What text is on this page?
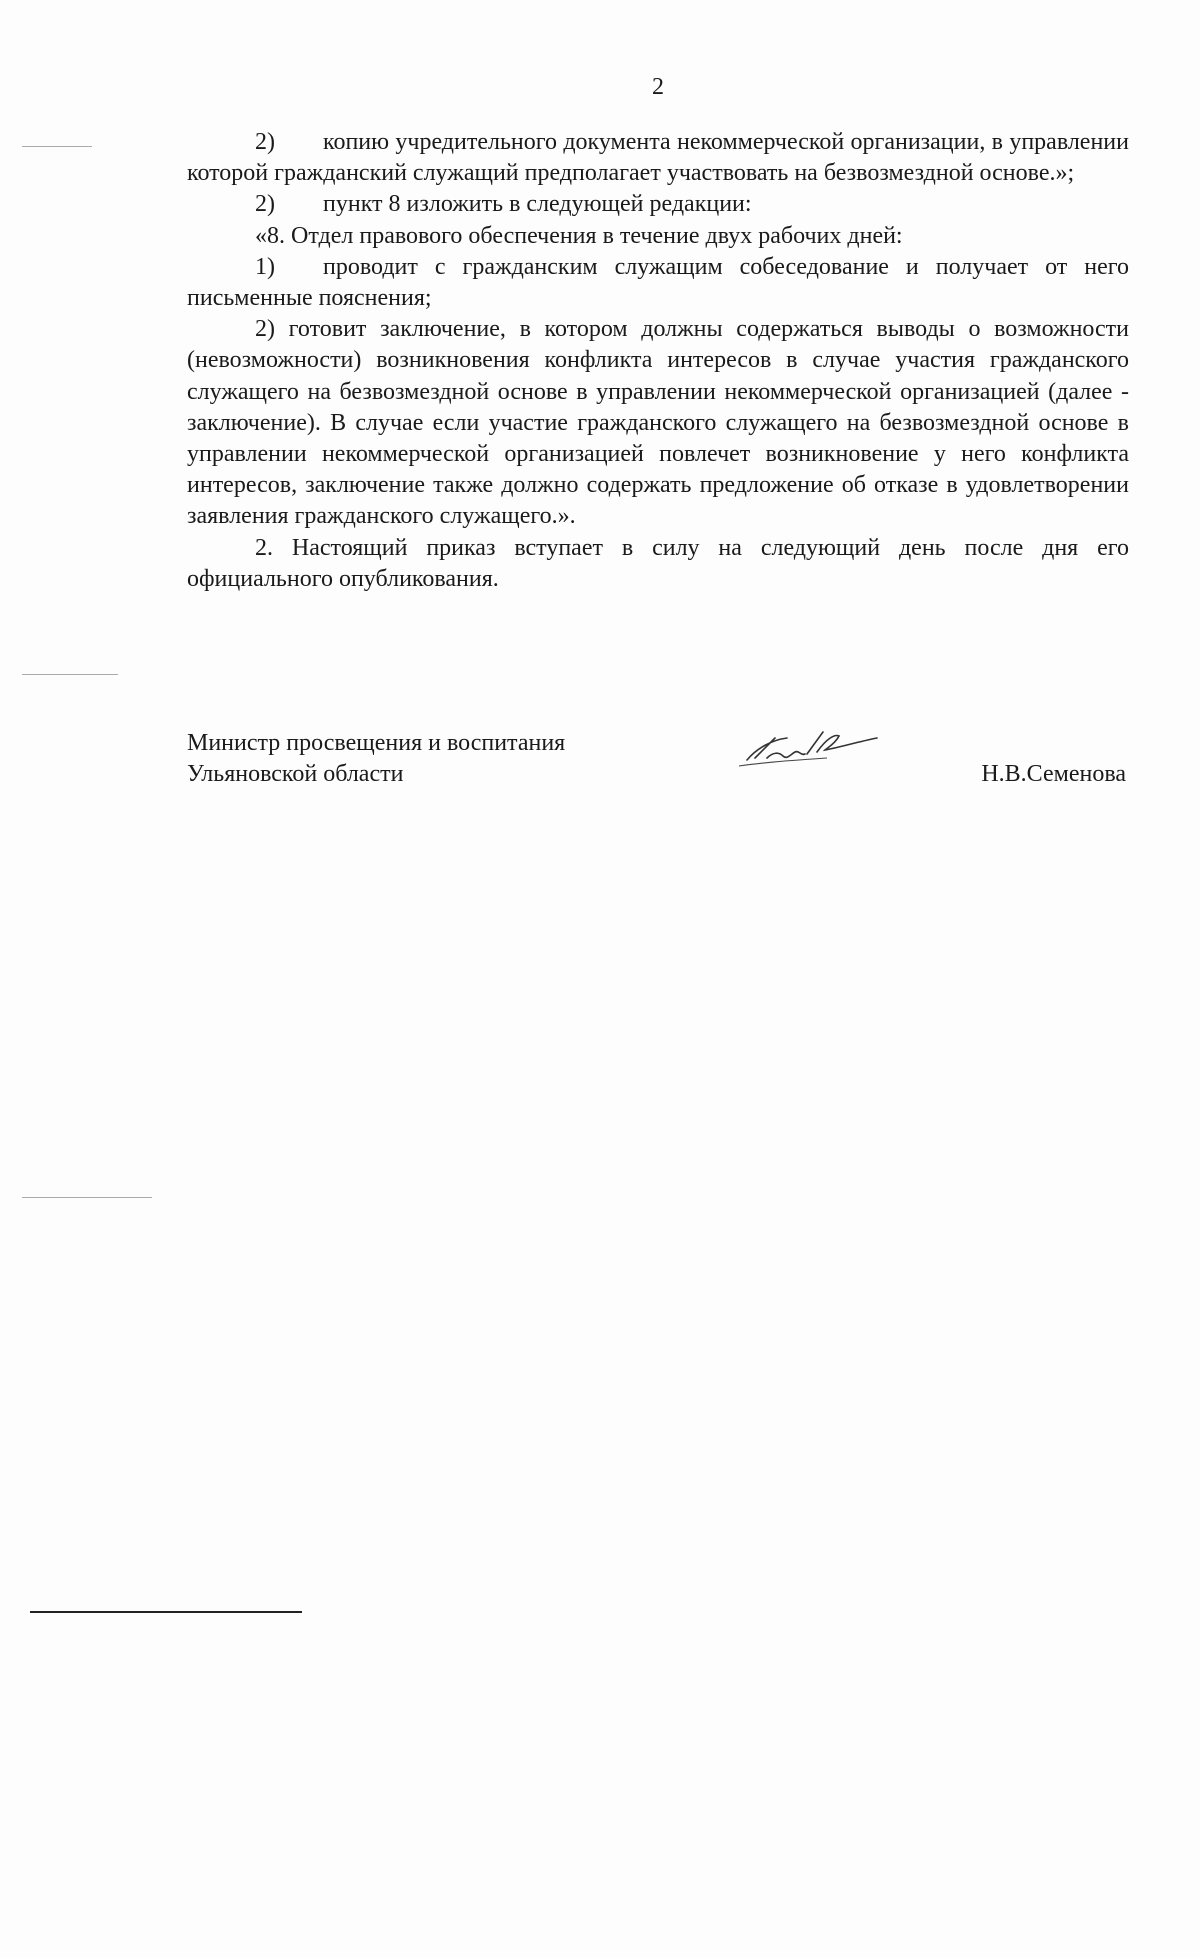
2

2) копию учредительного документа некоммерческой организации, в управлении которой гражданский служащий предполагает участвовать на безвозмездной основе.»;

2) пункт 8 изложить в следующей редакции:

«8. Отдел правового обеспечения в течение двух рабочих дней:

1) проводит с гражданским служащим собеседование и получает от него письменные пояснения;

2) готовит заключение, в котором должны содержаться выводы о возможности (невозможности) возникновения конфликта интересов в случае участия гражданского служащего на безвозмездной основе в управлении некоммерческой организацией (далее - заключение). В случае если участие гражданского служащего на безвозмездной основе в управлении некоммерческой организацией повлечет возникновение у него конфликта интересов, заключение также должно содержать предложение об отказе в удовлетворении заявления гражданского служащего.».

2. Настоящий приказ вступает в силу на следующий день после дня его официального опубликования.

Министр просвещения и воспитания
Ульяновской области	Н.В.Семенова
